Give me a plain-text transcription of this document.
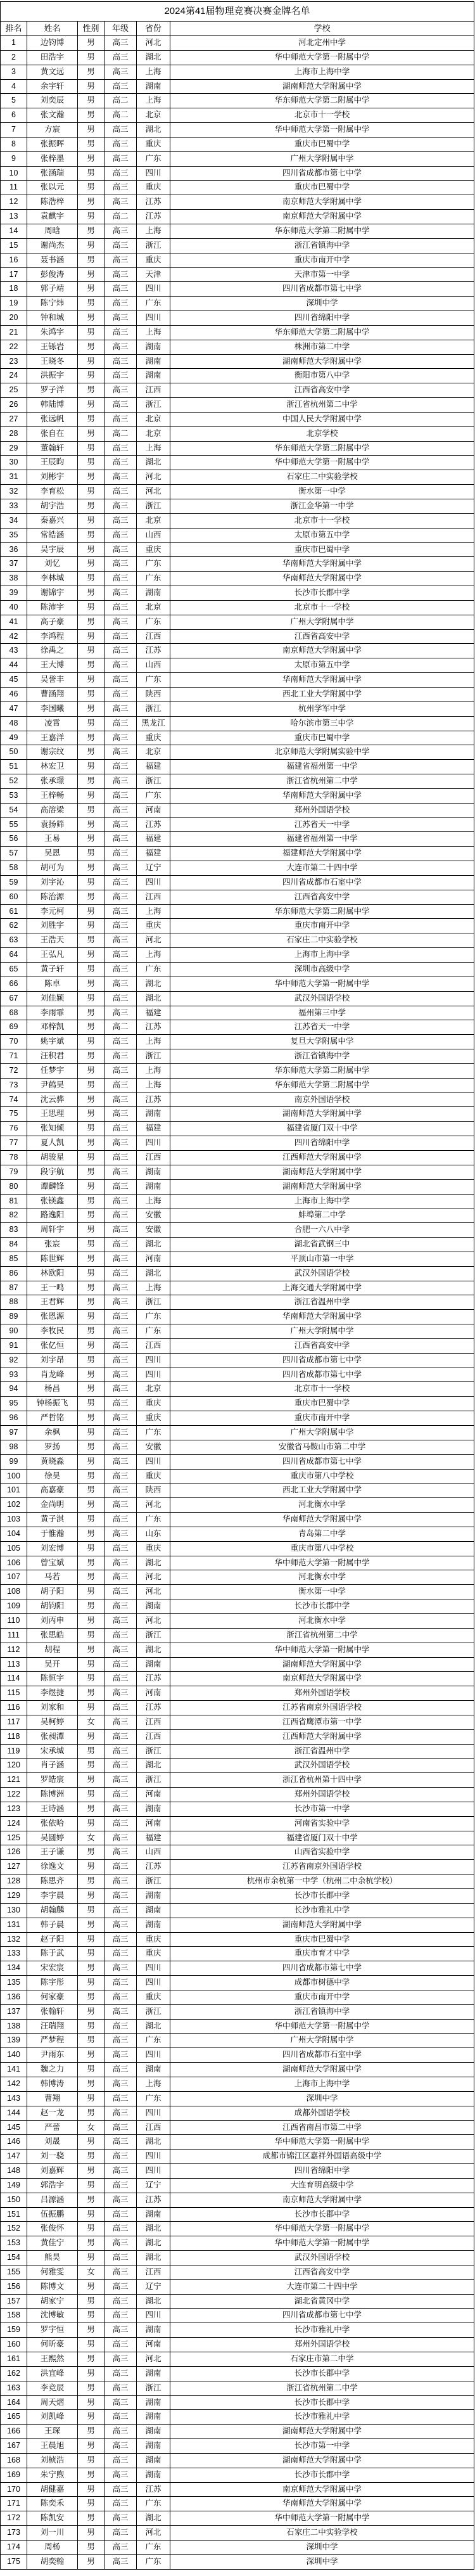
2024第41届物理竞赛决赛金牌名单
排名	姓名	性别	年级	省份	学校
1	边钧博	男	高三	河北	河北定州中学
2	田浩宇	男	高三	湖北	华中师范大学第一附属中学
3	黄文远	男	高三	上海	上海市上海中学
4	余宇轩	男	高三	湖南	湖南师范大学附属中学
5	刘奕辰	男	高二	上海	华东师范大学第二附属中学
6	张文瀚	男	高二	北京	北京市十一学校
7	方宸	男	高三	湖北	华中师范大学第一附属中学
8	张振晖	男	高三	重庆	重庆市巴蜀中学
9	张梓墨	男	高三	广东	广州大学附属中学
10	张涵瑞	男	高三	四川	四川省成都市第七中学
11	张以元	男	高三	重庆	重庆市巴蜀中学
12	陈浩梓	男	高三	江苏	南京师范大学附属中学
13	袁麒宇	男	高二	江苏	南京师范大学附属中学
14	周晗	男	高三	上海	华东师范大学第二附属中学
15	谢尚杰	男	高三	浙江	浙江省镇海中学
16	聂书涵	男	高三	重庆	重庆市南开中学
17	彭俊涛	男	高三	天津	天津市第一中学
18	郭子靖	男	高三	四川	四川省成都市第七中学
19	陈宁炜	男	高三	广东	深圳中学
20	钟和城	男	高三	四川	四川省绵阳中学
21	朱鸿宇	男	高三	上海	华东师范大学第二附属中学
22	王铄岩	男	高三	湖南	株洲市第二中学
23	王晓冬	男	高三	湖南	湖南师范大学附属中学
24	洪振宇	男	高三	湖南	衡阳市第八中学
25	罗子洋	男	高三	江西	江西省高安中学
26	韩陆博	男	高三	浙江	浙江省杭州第二中学
27	张远帆	男	高三	北京	中国人民大学附属中学
28	张自在	男	高二	北京	北京学校
29	董翰轩	男	高三	上海	华东师范大学第二附属中学
30	王辰昀	男	高三	湖北	华中师范大学第一附属中学
31	刘彬宇	男	高三	河北	石家庄二中实验学校
32	李育松	男	高三	河北	衡水第一中学
33	胡宇浩	男	高三	浙江	浙江金华第一中学
34	秦嘉兴	男	高三	北京	北京市十一学校
35	常皓涵	男	高三	山西	太原市第五中学
36	吴宇辰	男	高三	重庆	重庆市巴蜀中学
37	刘忆	男	高三	广东	华南师范大学附属中学
38	李林城	男	高三	广东	华南师范大学附属中学
39	谢锦宇	男	高三	湖南	长沙市长郡中学
40	陈沛宇	男	高三	北京	北京市十一学校
41	高子豪	男	高三	广东	广州大学附属中学
42	李鸿程	男	高三	江西	江西省高安中学
43	徐禹之	男	高三	江苏	南京师范大学附属中学
44	王大博	男	高三	山西	太原市第五中学
45	吴誉丰	男	高三	广东	华南师范大学附属中学
46	曹涵翔	男	高三	陕西	西北工业大学附属中学
47	李国曦	男	高三	浙江	杭州学军中学
48	凌霄	男	高三	黑龙江	哈尔滨市第三中学
49	王嘉洋	男	高三	重庆	重庆市巴蜀中学
50	谢宗纹	男	高三	北京	北京师范大学附属实验中学
51	林宏卫	男	高三	福建	福建省福州第一中学
52	张承璟	男	高三	浙江	浙江省杭州第二中学
53	王梓畅	男	高三	广东	华南师范大学附属中学
54	高溶梁	男	高三	河南	郑州外国语学校
55	袁扬筛	男	高三	江苏	江苏省天一中学
56	王易	男	高三	福建	福建省福州第一中学
57	吴恩	男	高三	福建	福建师范大学附属中学
58	胡可为	男	高三	辽宁	大连市第二十四中学
59	刘宇沁	男	高三	四川	四川省成都市石室中学
60	陈治源	男	高三	江西	江西省高安中学
61	李元柯	男	高三	上海	华东师范大学第二附属中学
62	刘胜宇	男	高三	重庆	重庆市南开中学
63	王浩天	男	高三	河北	石家庄二中实验学校
64	王弘凡	男	高三	上海	上海市上海中学
65	黄子轩	男	高三	广东	深圳市高级中学
66	陈卓	男	高三	湖北	华中师范大学第一附属中学
67	刘佳颖	男	高三	湖北	武汉外国语学校
68	李雨霏	男	高三	福建	福州第三中学
69	邓梓凯	男	高二	江苏	江苏省天一中学
70	姚宇斌	男	高三	上海	复旦大学附属中学
71	汪积君	男	高三	浙江	浙江省镇海中学
72	任梦宇	男	高三	上海	华东师范大学第二附属中学
73	尹鹤昊	男	高三	上海	华东师范大学第二附属中学
74	沈云骅	男	高三	江苏	南京外国语学校
75	王思理	男	高三	湖南	湖南师范大学附属中学
76	张知倾	男	高三	福建	福建省厦门双十中学
77	夏人凯	男	高三	四川	四川省绵阳中学
78	胡骏星	男	高三	江西	江西师范大学附属中学
79	段宇航	男	高三	湖南	湖南师范大学附属中学
80	谭麟锋	男	高三	湖南	湖南师范大学附属中学
81	张镁鑫	男	高三	上海	上海市上海中学
82	路逸阳	男	高三	安徽	蚌埠第二中学
83	周轩宇	男	高三	安徽	合肥一六八中学
84	张宸	男	高三	湖北	湖北省武钢三中
85	陈世辉	男	高三	河南	平顶山市第一中学
86	林欧阳	男	高三	湖北	武汉外国语学校
87	王一鸣	男	高三	上海	上海交通大学附属中学
88	王君辉	男	高三	浙江	浙江省温州中学
89	张恩源	男	高三	广东	华南师范大学附属中学
90	李牧民	男	高三	广东	广州大学附属中学
91	张亿恒	男	高三	江西	江西省高安中学
92	刘宇昂	男	高三	四川	四川省成都市第七中学
93	肖龙峰	男	高三	四川	四川省成都市第七中学
94	杨昌	男	高三	北京	北京市十一学校
95	钟杨振飞	男	高三	重庆	重庆市巴蜀中学
96	严哲铭	男	高三	重庆	重庆市南开中学
97	余枫	男	高三	广东	广州大学附属中学
98	罗扬	男	高三	安徽	安徽省马鞍山市第二中学
99	黄晓淼	男	高三	四川	四川省成都市第七中学
100	徐昊	男	高三	重庆	重庆市第八中学校
101	高嘉豪	男	高三	陕西	西北工业大学附属中学
102	金尚明	男	高三	河北	河北衡水中学
103	黄子淇	男	高三	广东	华南师范大学附属中学
104	于惟瀚	男	高三	山东	青岛第二中学
105	刘宏博	男	高三	重庆	重庆市第八中学校
106	曾宝斌	男	高三	湖北	华中师范大学第一附属中学
107	马若	男	高三	河北	河北衡水中学
108	胡子阳	男	高三	河北	衡水第一中学
109	胡钧阳	男	高三	湖南	长沙市长郡中学
110	刘丙申	男	高三	河北	河北衡水中学
111	张思皓	男	高三	浙江	浙江省杭州第二中学
112	胡程	男	高三	湖北	华中师范大学第一附属中学
113	吴开	男	高三	湖南	湖南师范大学附属中学
114	陈恒宇	男	高三	江苏	南京师范大学附属中学
115	李煜捷	男	高三	河南	郑州外国语学校
116	刘家和	男	高三	江苏	江苏省南京外国语学校
117	吴柯婷	女	高三	江西	江西省鹰潭市第一中学
118	张昶潭	男	高三	江西	江西师范大学附属中学
119	宋承城	男	高三	浙江	浙江省温州中学
120	肖子涵	男	高三	湖北	武汉外国语学校
121	罗皓宸	男	高三	浙江	浙江省杭州第十四中学
122	陈博洲	男	高三	河南	郑州外国语学校
123	王诗涵	男	高三	湖南	长沙市第一中学
124	张依哈	男	高三	河南	河南省实验中学
125	吴圆婷	女	高三	福建	福建省厦门双十中学
126	王子谦	男	高三	山西	山西省实验中学
127	徐逸文	男	高三	江苏	江苏省南京外国语学校
128	陈思齐	男	高三	浙江	杭州市余杭第一中学（杭州二中余杭学校）
129	李宇晨	男	高三	湖南	长沙市长郡中学
130	胡翰麟	男	高三	湖南	长沙市雅礼中学
131	韩子晨	男	高三	湖南	湖南师范大学附属中学
132	赵子阳	男	高三	重庆	重庆市巴蜀中学
133	陈于武	男	高三	重庆	重庆市育才中学
134	宋宏宸	男	高三	四川	四川省成都市第七中学
135	陈宇彤	男	高三	四川	成都市树德中学
136	何家豪	男	高三	重庆	重庆市南开中学
137	张翰轩	男	高三	浙江	浙江省镇海中学
138	汪瑞翔	男	高三	湖北	华中师范大学第一附属中学
139	严梦程	男	高三	广东	广州大学附属中学
140	尹雨东	男	高三	四川	四川省成都市石室中学
141	魏之力	男	高三	湖南	湖南师范大学附属中学
142	韩博涛	男	高三	上海	上海市上海中学
143	曹翔	男	高三	广东	深圳中学
144	赵一龙	男	高三	四川	成都外国语学校
145	严蕾	女	高三	江西	江西省南昌市第二中学
146	刘晟	男	高三	湖北	华中师范大学第一附属中学
147	刘一骁	男	高三	四川	成都市锦江区嘉祥外国语高级中学
148	刘嘉辉	男	高三	四川	四川省绵阳中学
149	郭浩宇	男	高三	辽宁	大连育明高级中学
150	吕源涵	男	高三	江苏	南京师范大学附属中学
151	伍振鹏	男	高三	湖南	长沙市长郡中学
152	张俊怀	男	高三	湖北	华中师范大学第一附属中学
153	黄佳宁	男	高三	湖北	华中师范大学第一附属中学
154	熊昊	男	高三	湖北	武汉外国语学校
155	何雅雯	女	高三	江西	江西省高安中学
156	陈博文	男	高三	辽宁	大连市第二十四中学
157	胡家宁	男	高三	湖北	湖北省黄冈中学
158	沈博敏	男	高三	四川	四川省成都市第七中学
159	罗宇恒	男	高三	湖南	长沙市雅礼中学
160	何昕豪	男	高三	河南	郑州外国语学校
161	王熙然	男	高三	河北	石家庄市第二中学
162	洪宜峰	男	高三	湖南	长沙市长郡中学
163	李竞辰	男	高三	浙江	浙江省杭州第二中学
164	周天熠	男	高三	湖南	长沙市长郡中学
165	刘凯峰	男	高三	湖南	长沙市雅礼中学
166	王琛	男	高三	湖南	湖南师范大学附属中学
167	王晨旭	男	高三	湖南	长沙市第一中学
168	刘桢浩	男	高三	湖南	湖南师范大学附属中学
169	朱宁煦	男	高三	湖南	长沙市长郡中学
170	胡健嘉	男	高三	江苏	南京师范大学附属中学
171	陈奕禾	男	高三	广东	华南师范大学附属中学
172	陈凯安	男	高三	湖北	华中师范大学第一附属中学
173	刘一川	男	高三	河北	石家庄二中实验学校
174	周杨	男	高三	广东	深圳中学
175	胡奕翰	男	高三	广东	深圳中学
